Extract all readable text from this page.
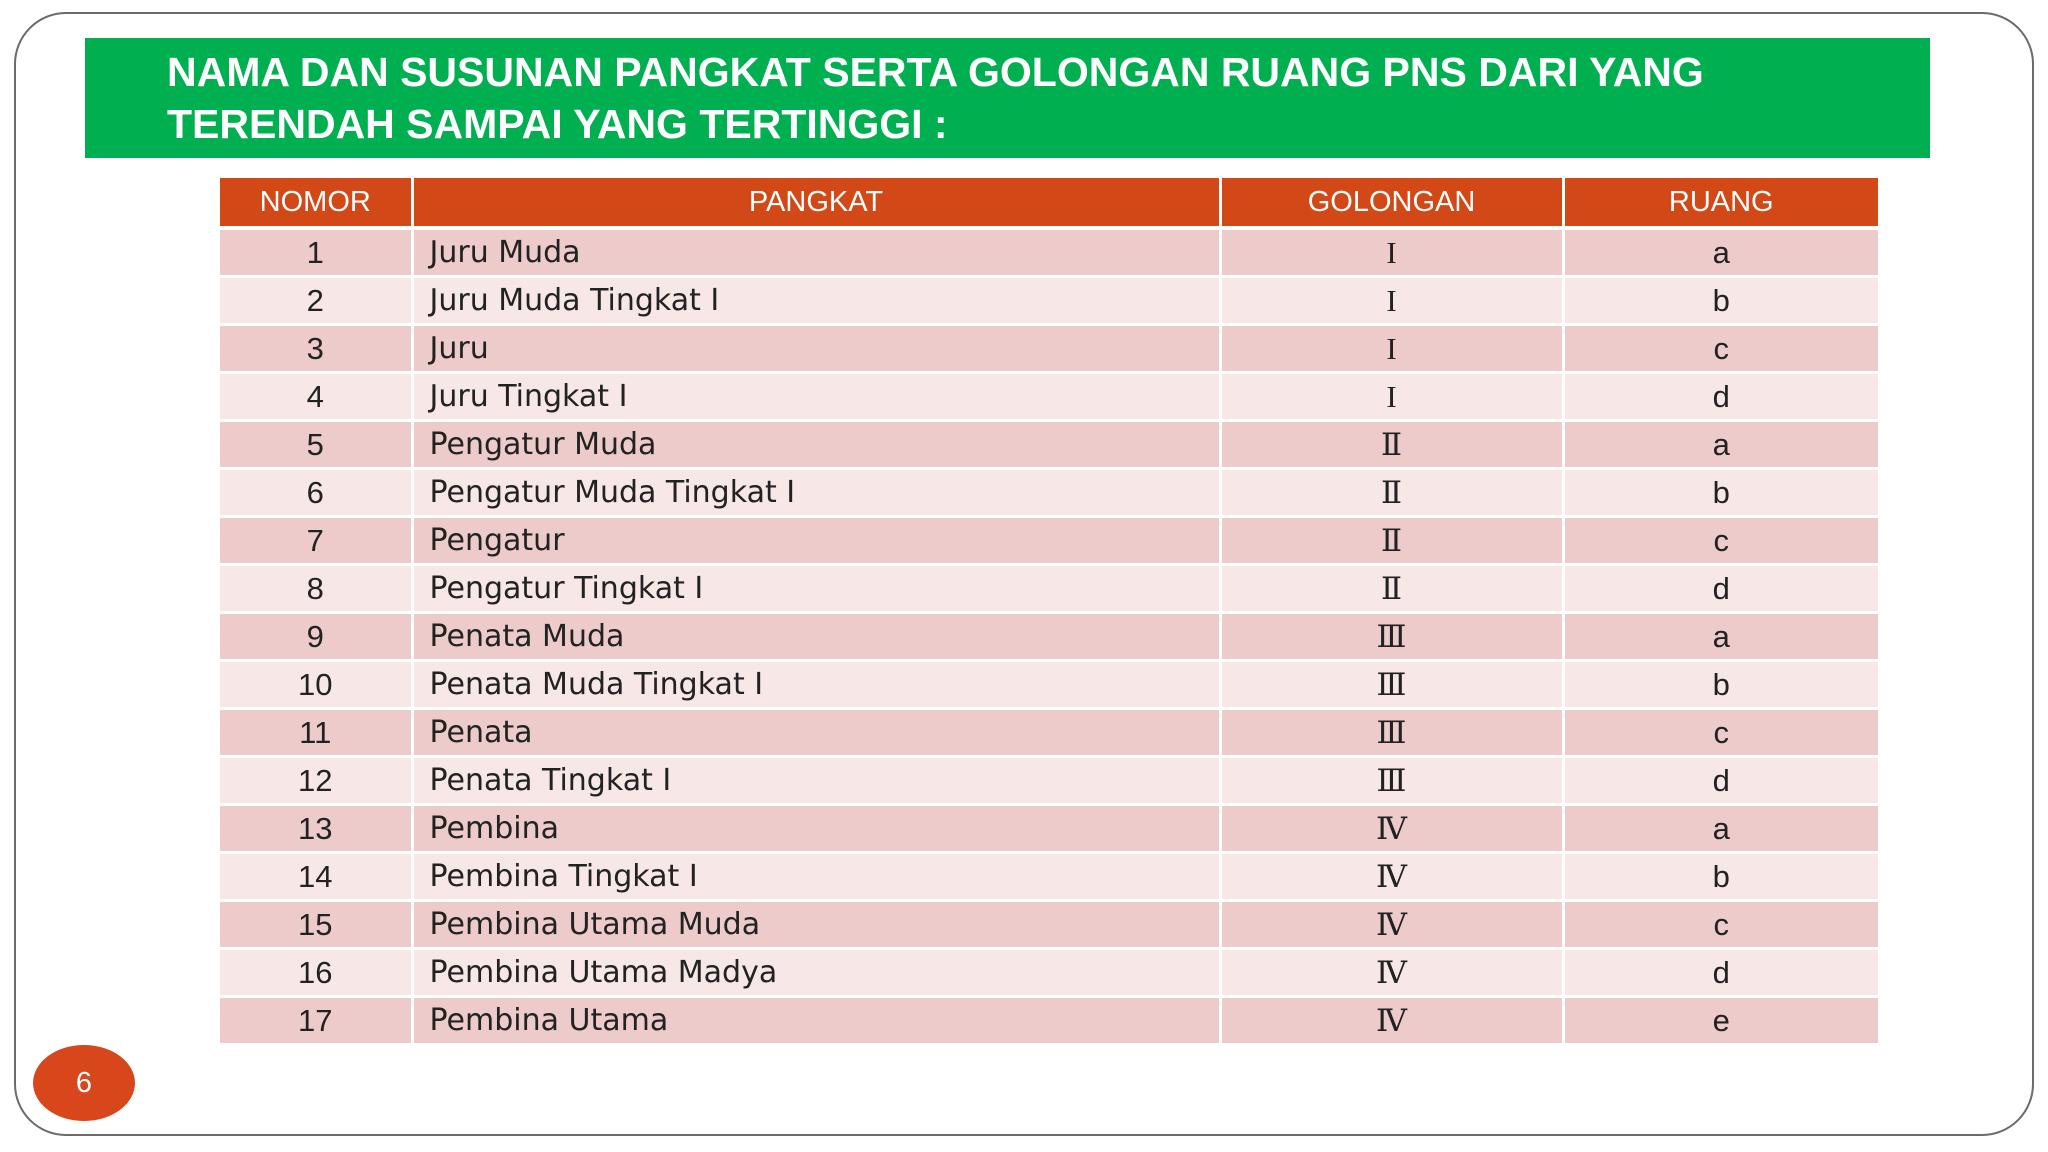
NAMA DAN SUSUNAN PANGKAT SERTA GOLONGAN RUANG PNS DARI YANG
TERENDAH SAMPAI YANG TERTINGGI :
NOMOR	PANGKAT	GOLONGAN	RUANG
1	Juru Muda	I	a
2	Juru Muda Tingkat I	I	b
3	Juru	I	c
4	Juru Tingkat I	I	d
5	Pengatur Muda	Ⅱ	a
6	Pengatur Muda Tingkat I	Ⅱ	b
7	Pengatur	Ⅱ	c
8	Pengatur Tingkat I	Ⅱ	d
9	Penata Muda	Ⅲ	a
10	Penata Muda Tingkat I	Ⅲ	b
11	Penata	Ⅲ	c
12	Penata Tingkat I	Ⅲ	d
13	Pembina	Ⅳ	a
14	Pembina Tingkat I	Ⅳ	b
15	Pembina Utama Muda	Ⅳ	c
16	Pembina Utama Madya	Ⅳ	d
17	Pembina Utama	Ⅳ	e
6
